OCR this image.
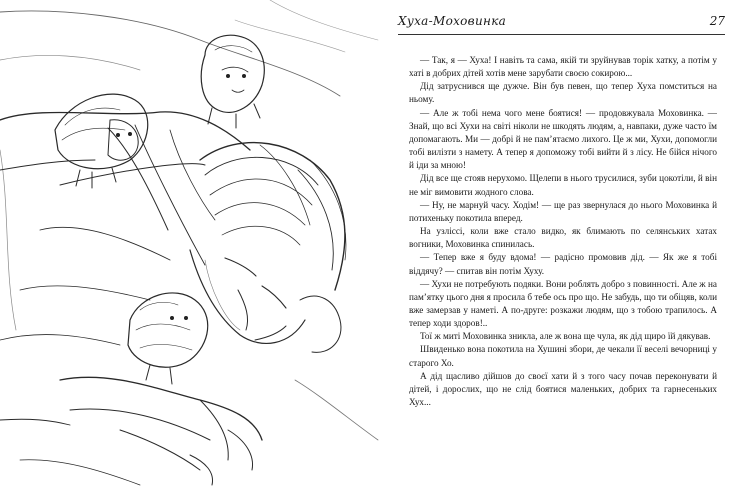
Хуха-Моховинка	27

— Так, я — Хуха! І навіть та сама, якій ти зруйнував торік хатку, а потім у хаті в добрих дітей хотів мене зарубати своєю сокирою...

Дід затруснився ще дужче. Він був певен, що тепер Хуха помститься на ньому.

— Але ж тобі нема чого мене боятися! — продовжувала Моховинка. — Знай, що всі Хухи на світі ніколи не шкодять людям, а, навпаки, дуже часто їм допомагають. Ми — добрі й не пам’ятаємо лихого. Це ж ми, Хухи, допомогли тобі вилізти з намету. А тепер я допоможу тобі вийти й з лісу. Не бійся нічого й іди за мною!

Дід все ще стояв нерухомо. Щелепи в нього трусилися, зуби цокотіли, й він не міг вимовити жодного слова.

— Ну, не марнуй часу. Ходім! — ще раз звернулася до нього Моховинка й потихеньку покотила вперед.

На узліссі, коли вже стало видко, як блимають по селянських хатах вогники, Моховинка спинилась.

— Тепер вже я буду вдома! — радісно промовив дід. — Як же я тобі віддячу? — спитав він потім Хуху.

— Хухи не потребують подяки. Вони роблять добро з повинності. Але ж на пам’ятку цього дня я просила б тебе ось про що. Не забудь, що ти обіцяв, коли вже замерзав у наметі. А по-друге: розкажи людям, що з тобою трапилось. А тепер ходи здоров!..

Тої ж миті Моховинка зникла, але ж вона ще чула, як дід щиро їй дякував.

Швиденько вона покотила на Хушині збори, де чекали її веселі вечорниці у старого Хо.

А дід щасливо дійшов до своєї хати й з того часу почав переконувати й дітей, і дорослих, що не слід боятися маленьких, добрих та гарнесеньких Хух...
